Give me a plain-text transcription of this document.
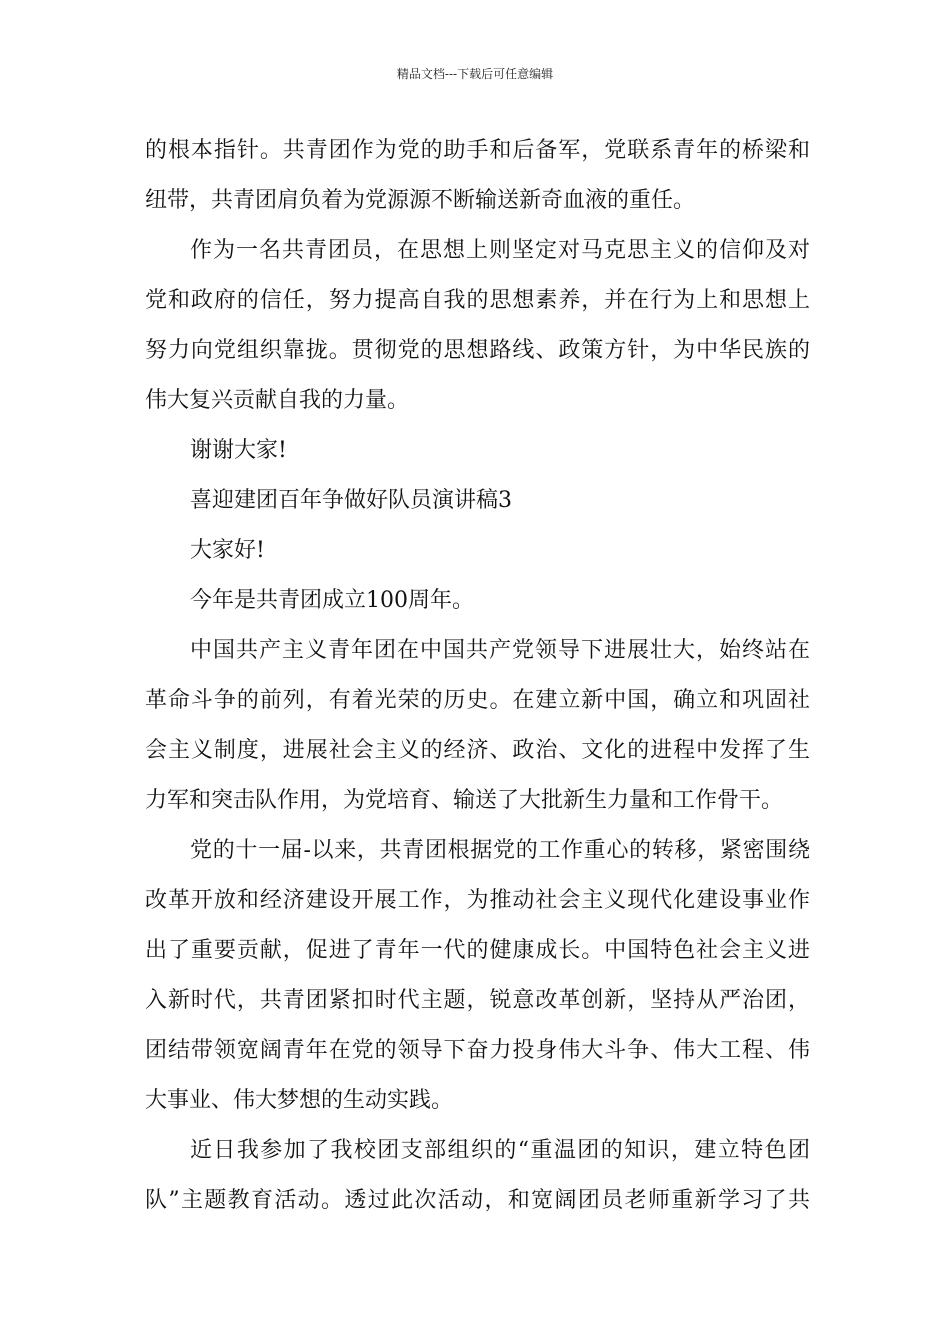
精品文档---下载后可任意编辑
的根本指针。共青团作为党的助手和后备军，党联系青年的桥梁和
纽带，共青团肩负着为党源源不断输送新奇血液的重任。
作为一名共青团员，在思想上则坚定对马克思主义的信仰及对
党和政府的信任，努力提高自我的思想素养，并在行为上和思想上
努力向党组织靠拢。贯彻党的思想路线、政策方针，为中华民族的
伟大复兴贡献自我的力量。
谢谢大家!
喜迎建团百年争做好队员演讲稿3
大家好!
今年是共青团成立100周年。
中国共产主义青年团在中国共产党领导下进展壮大，始终站在
革命斗争的前列，有着光荣的历史。在建立新中国，确立和巩固社
会主义制度，进展社会主义的经济、政治、文化的进程中发挥了生
力军和突击队作用，为党培育、输送了大批新生力量和工作骨干。
党的十一届-以来，共青团根据党的工作重心的转移，紧密围绕
改革开放和经济建设开展工作，为推动社会主义现代化建设事业作
出了重要贡献，促进了青年一代的健康成长。中国特色社会主义进
入新时代，共青团紧扣时代主题，锐意改革创新，坚持从严治团，
团结带领宽阔青年在党的领导下奋力投身伟大斗争、伟大工程、伟
大事业、伟大梦想的生动实践。
近日我参加了我校团支部组织的“重温团的知识，建立特色团
队”主题教育活动。透过此次活动，和宽阔团员老师重新学习了共
